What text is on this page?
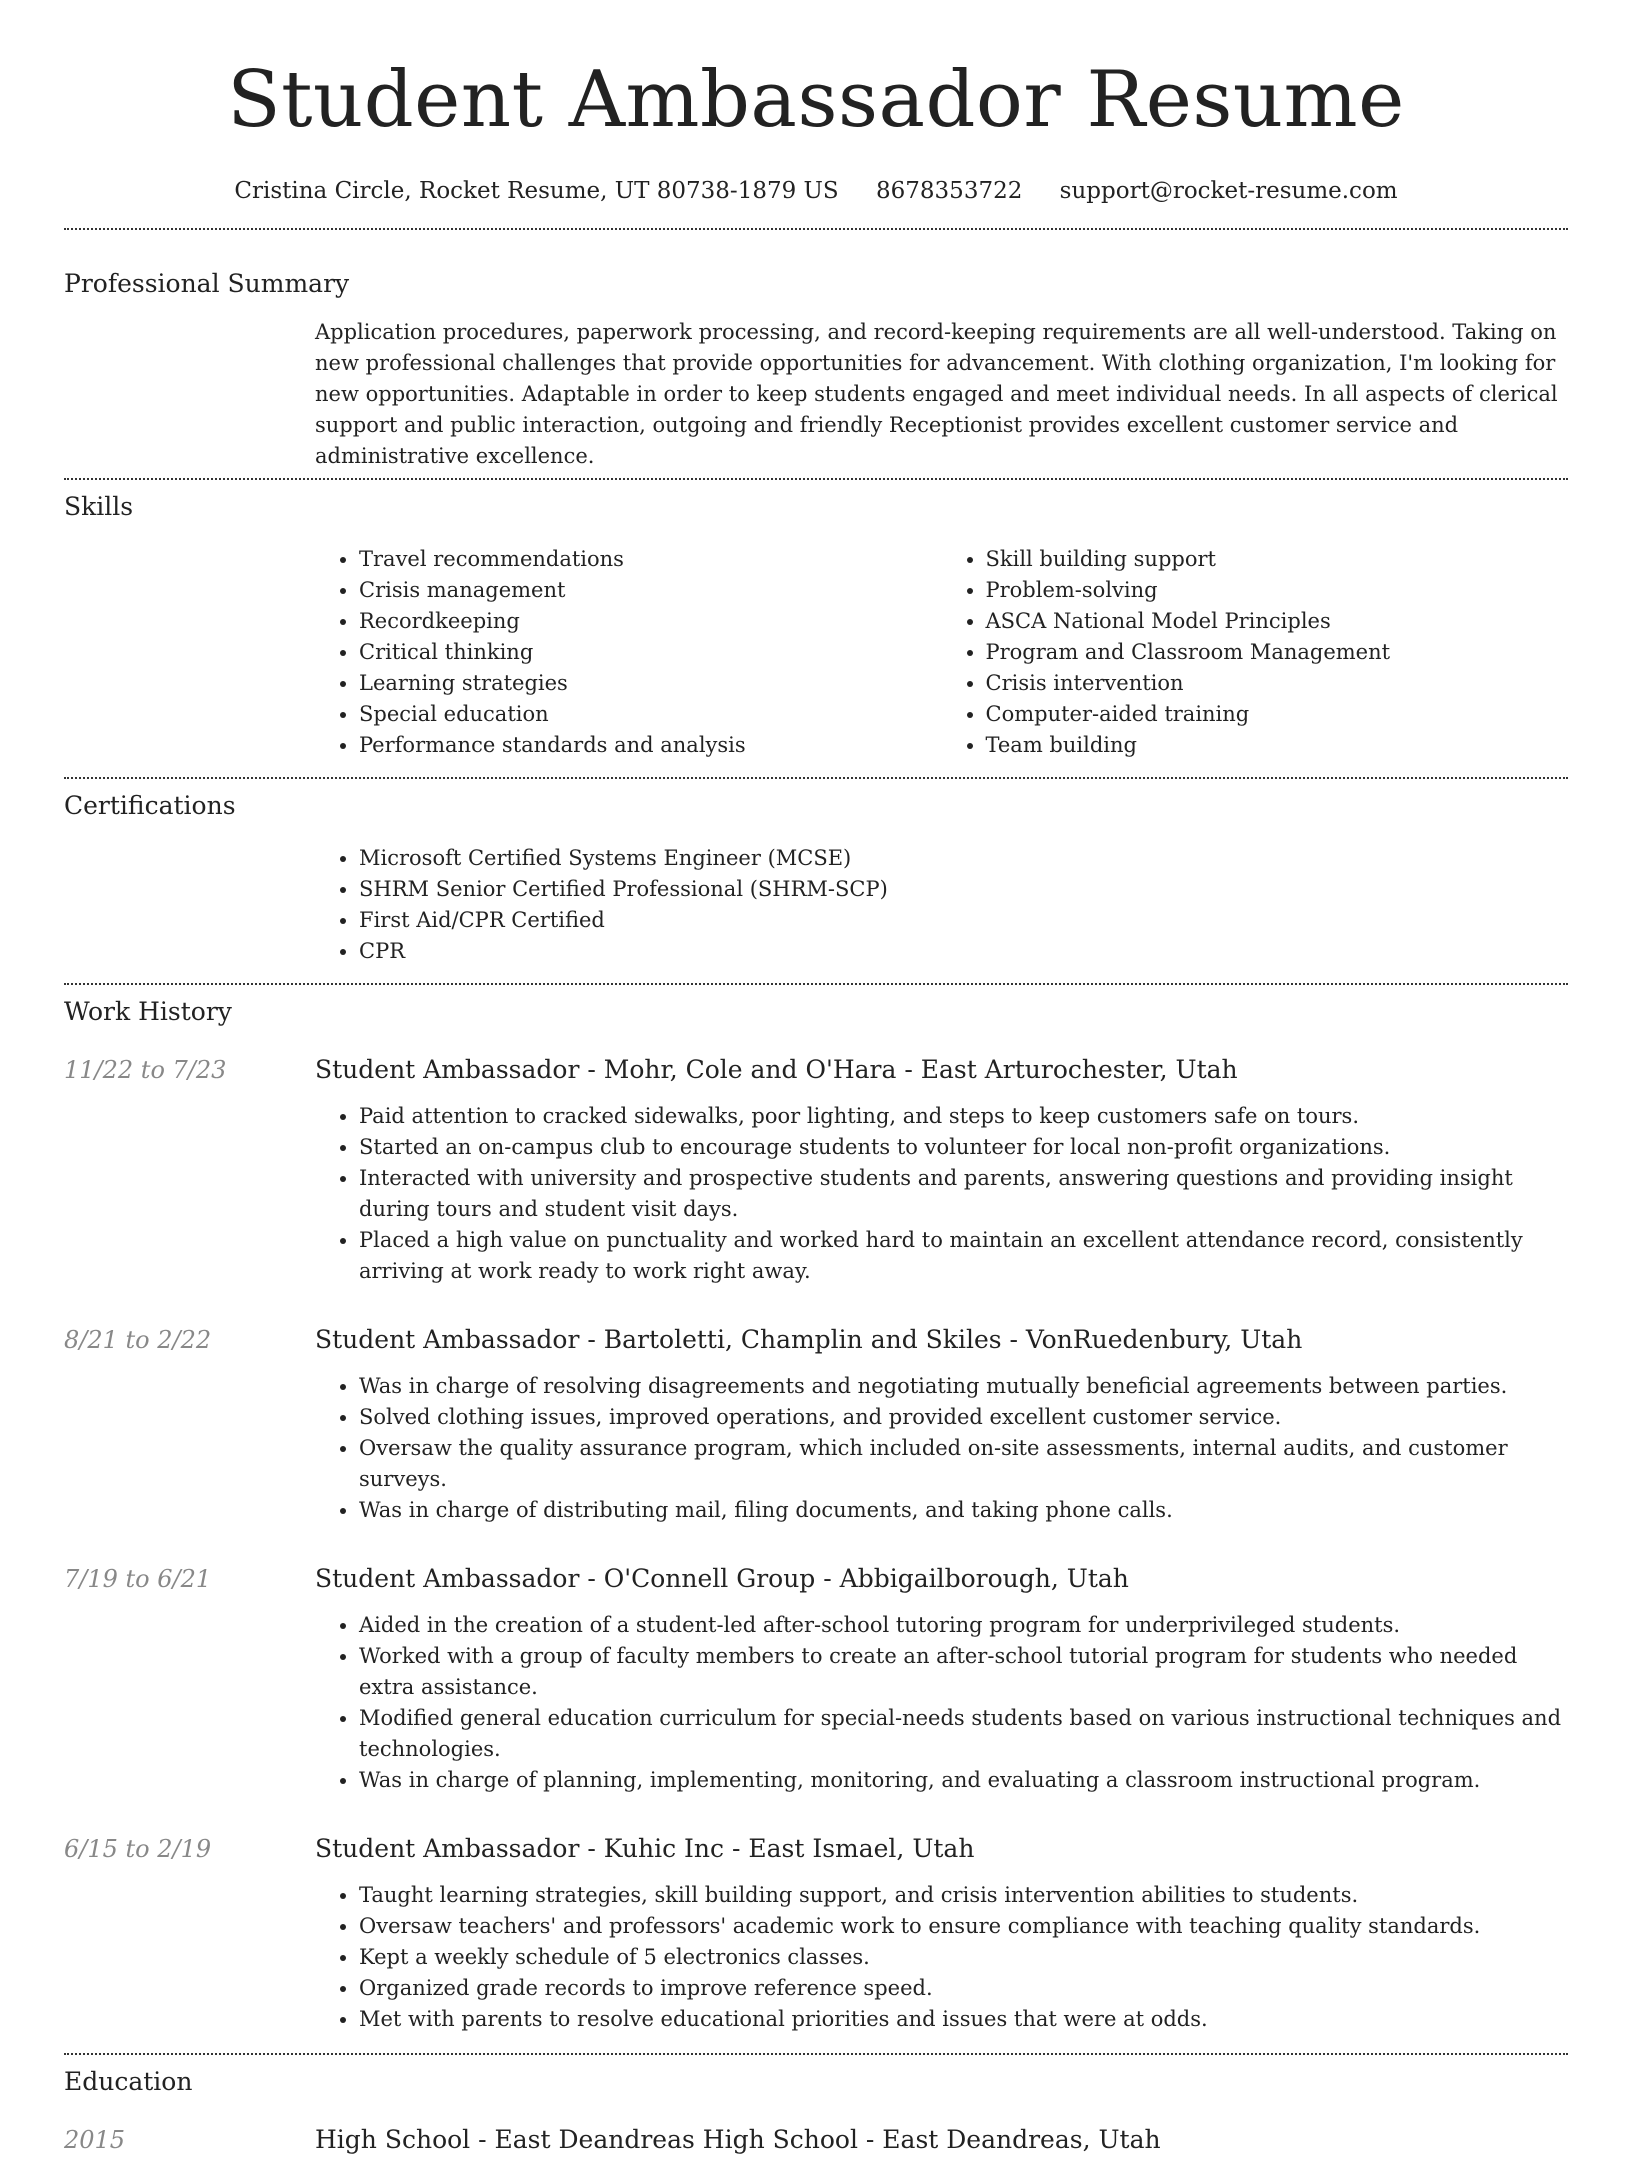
Student Ambassador Resume
Cristina Circle, Rocket Resume, UT 80738-1879 US 8678353722 support@rocket-resume.com
Professional Summary

Application procedures, paperwork processing, and record-keeping requirements are all well-understood. Taking on new professional challenges that provide opportunities for advancement. With clothing organization, I'm looking for new opportunities. Adaptable in order to keep students engaged and meet individual needs. In all aspects of clerical support and public interaction, outgoing and friendly Receptionist provides excellent customer service and administrative excellence.

Skills
• Travel recommendations
• Crisis management
• Recordkeeping
• Critical thinking
• Learning strategies
• Special education
• Performance standards and analysis
• Skill building support
• Problem-solving
• ASCA National Model Principles
• Program and Classroom Management
• Crisis intervention
• Computer-aided training
• Team building
Certifications
• Microsoft Certified Systems Engineer (MCSE)
• SHRM Senior Certified Professional (SHRM-SCP)
• First Aid/CPR Certified
• CPR
Work History
11/22 to 7/23	Student Ambassador - Mohr, Cole and O'Hara - East Arturochester, Utah
• Paid attention to cracked sidewalks, poor lighting, and steps to keep customers safe on tours.
• Started an on-campus club to encourage students to volunteer for local non-profit organizations.
• Interacted with university and prospective students and parents, answering questions and providing insight during tours and student visit days.
• Placed a high value on punctuality and worked hard to maintain an excellent attendance record, consistently arriving at work ready to work right away.
8/21 to 2/22	Student Ambassador - Bartoletti, Champlin and Skiles - VonRuedenbury, Utah
• Was in charge of resolving disagreements and negotiating mutually beneficial agreements between parties.
• Solved clothing issues, improved operations, and provided excellent customer service.
• Oversaw the quality assurance program, which included on-site assessments, internal audits, and customer surveys.
• Was in charge of distributing mail, filing documents, and taking phone calls.
7/19 to 6/21	Student Ambassador - O'Connell Group - Abbigailborough, Utah
• Aided in the creation of a student-led after-school tutoring program for underprivileged students.
• Worked with a group of faculty members to create an after-school tutorial program for students who needed extra assistance.
• Modified general education curriculum for special-needs students based on various instructional techniques and technologies.
• Was in charge of planning, implementing, monitoring, and evaluating a classroom instructional program.
6/15 to 2/19	Student Ambassador - Kuhic Inc - East Ismael, Utah
• Taught learning strategies, skill building support, and crisis intervention abilities to students.
• Oversaw teachers' and professors' academic work to ensure compliance with teaching quality standards.
• Kept a weekly schedule of 5 electronics classes.
• Organized grade records to improve reference speed.
• Met with parents to resolve educational priorities and issues that were at odds.
Education
2015	High School - East Deandreas High School - East Deandreas, Utah
